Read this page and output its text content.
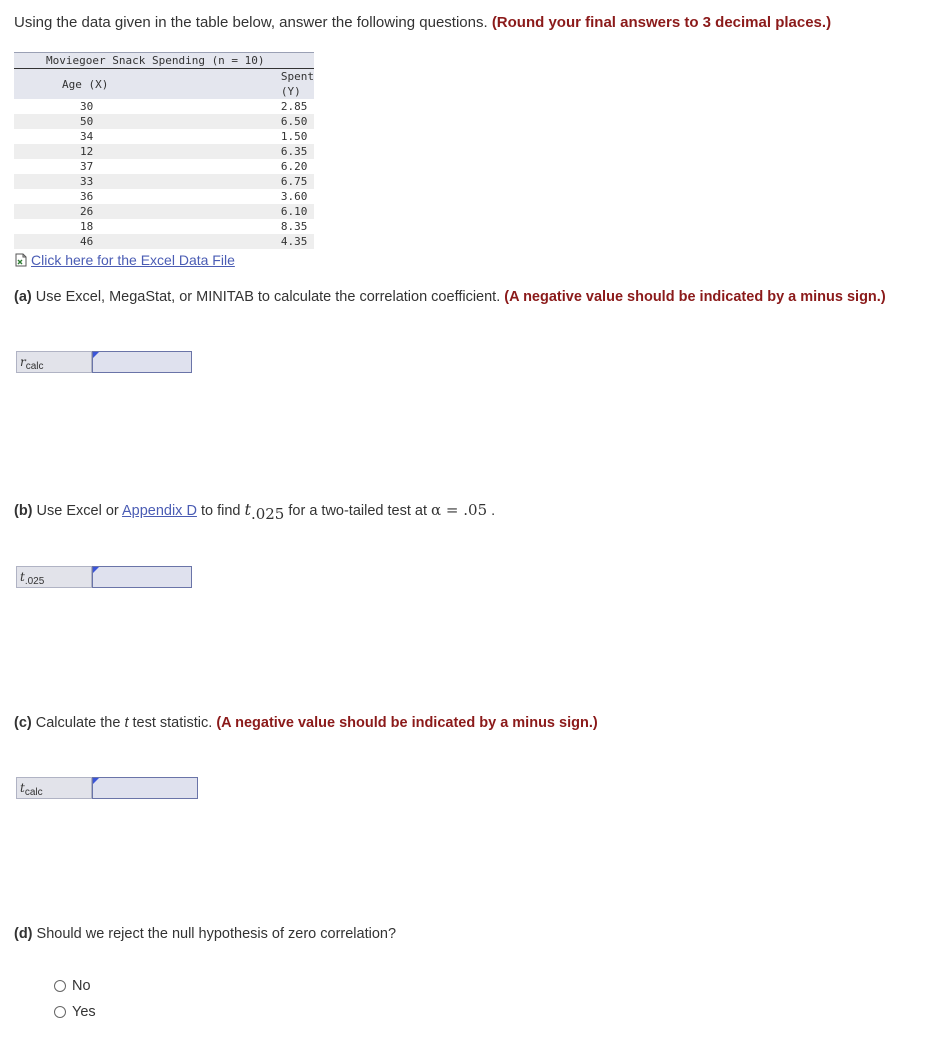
Using the data given in the table below, answer the following questions. (Round your final answers to 3 decimal places.)
Moviegoer Snack Spending (n = 10)
Age (X)	Spent (Y)
30	2.85
50	6.50
34	1.50
12	6.35
37	6.20
33	6.75
36	3.60
26	6.10
18	8.35
46	4.35
Click here for the Excel Data File
(a) Use Excel, MegaStat, or MINITAB to calculate the correlation coefficient. (A negative value should be indicated by a minus sign.)
$r_{calc}$
(b) Use Excel or Appendix D to find $t_{.025}$ for a two-tailed test at α = .05 .
$t_{.025}$
(c) Calculate the t test statistic. (A negative value should be indicated by a minus sign.)
$t_{calc}$
(d) Should we reject the null hypothesis of zero correlation?
No
Yes
